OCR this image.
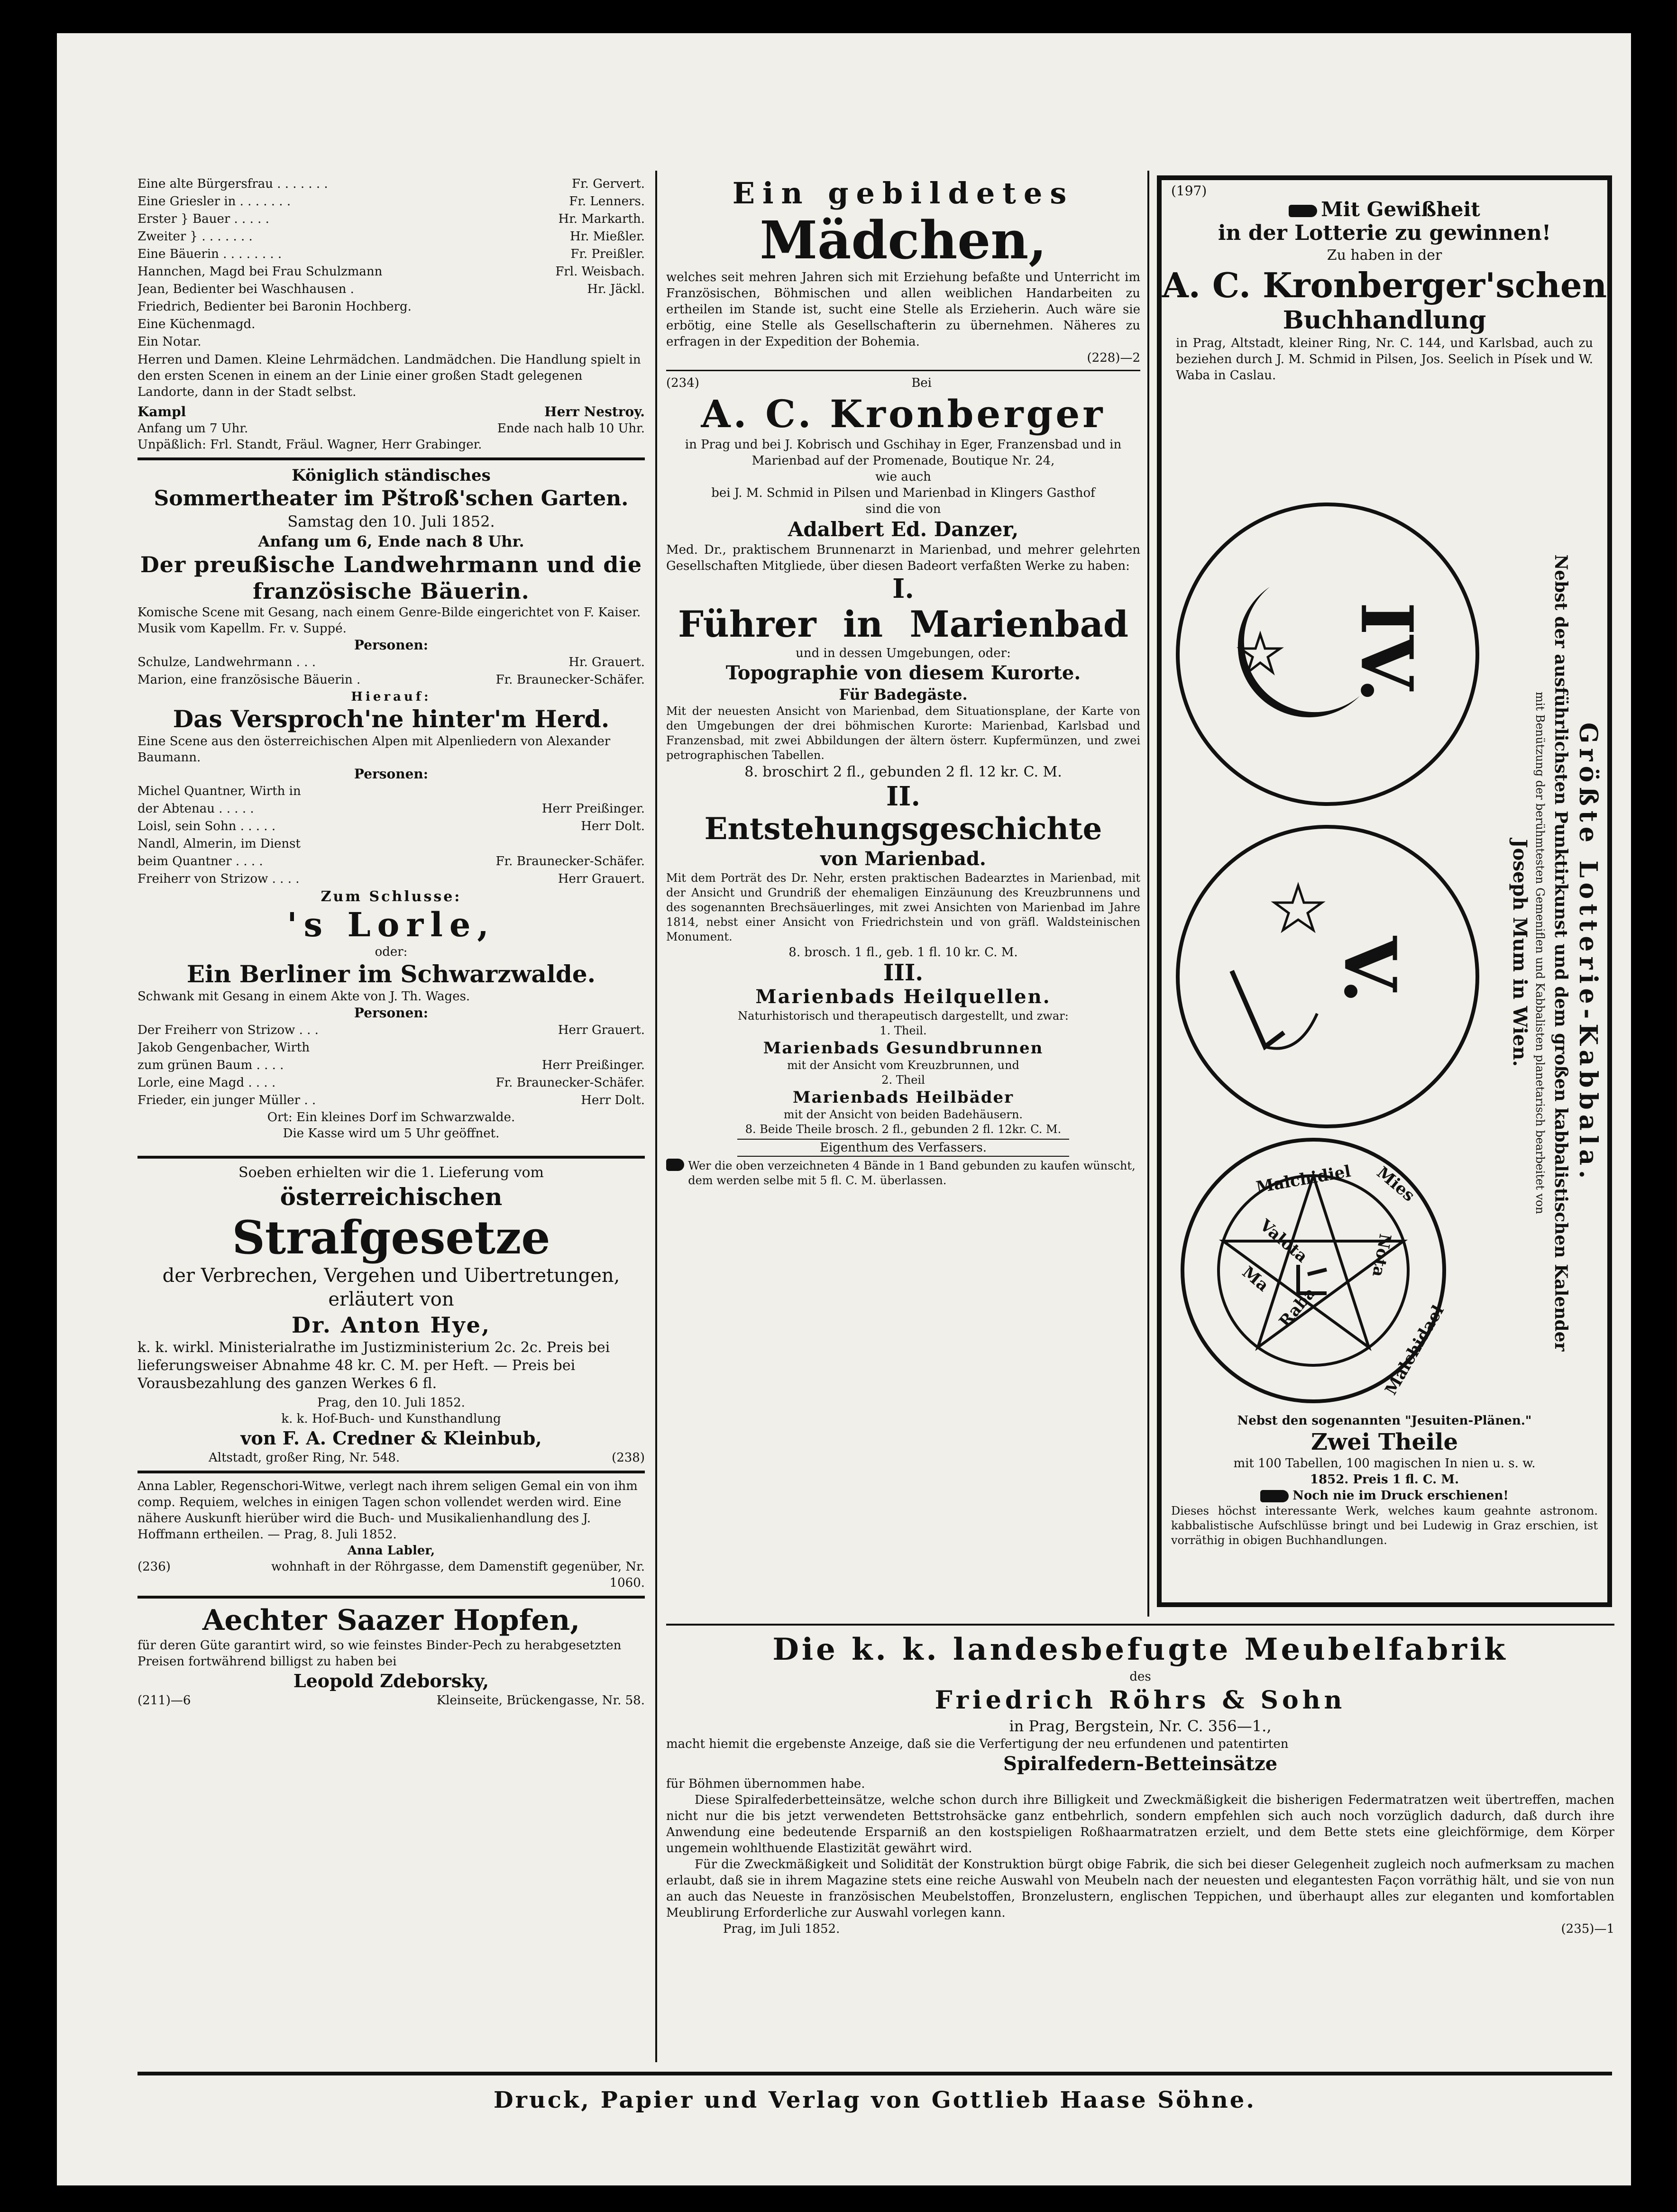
Eine alte Bürgersfrau . . . . . . .	Fr. Gervert.
Eine Griesler in . . . . . . .	Fr. Lenners.
Erster } Bauer . . . . .	Hr. Markarth.
Zweiter } . . . . . . .	Hr. Mießler.
Eine Bäuerin . . . . . . . .	Fr. Preißler.
Hannchen, Magd bei Frau Schulzmann	Frl. Weisbach.
Jean, Bedienter bei Waschhausen .	Hr. Jäckl.
Friedrich, Bedienter bei Baronin Hochberg.
Eine Küchenmagd.
Ein Notar.
Herren und Damen. Kleine Lehrmädchen. Landmädchen. Die Handlung spielt in den ersten Scenen in einem an der Linie einer großen Stadt gelegenen Landorte, dann in der Stadt selbst.
Kampl	Herr Nestroy.
Anfang um 7 Uhr.	Ende nach halb 10 Uhr.
Unpäßlich: Frl. Standt, Fräul. Wagner, Herr Grabinger.
Königlich ständisches
Sommertheater im Pštroß'schen Garten.
Samstag den 10. Juli 1852.
Anfang um 6, Ende nach 8 Uhr.
Der preußische Landwehrmann und die französische Bäuerin.
Komische Scene mit Gesang, nach einem Genre-Bilde eingerichtet von F. Kaiser. Musik vom Kapellm. Fr. v. Suppé.
Personen:
Schulze, Landwehrmann . . .	Hr. Grauert.
Marion, eine französische Bäuerin .	Fr. Braunecker-Schäfer.
Hierauf:
Das Versproch'ne hinter'm Herd.
Eine Scene aus den österreichischen Alpen mit Alpenliedern von Alexander Baumann.
Personen:
Michel Quantner, Wirth in
der Abtenau . . . . .	Herr Preißinger.
Loisl, sein Sohn . . . . .	Herr Dolt.
Nandl, Almerin, im Dienst
beim Quantner . . . .	Fr. Braunecker-Schäfer.
Freiherr von Strizow . . . .	Herr Grauert.
Zum Schlusse:
's Lorle,
oder:
Ein Berliner im Schwarzwalde.
Schwank mit Gesang in einem Akte von J. Th. Wages.
Personen:
Der Freiherr von Strizow . . .	Herr Grauert.
Jakob Gengenbacher, Wirth
zum grünen Baum . . . .	Herr Preißinger.
Lorle, eine Magd . . . .	Fr. Braunecker-Schäfer.
Frieder, ein junger Müller . .	Herr Dolt.
Ort: Ein kleines Dorf im Schwarzwalde.
Die Kasse wird um 5 Uhr geöffnet.
Soeben erhielten wir die 1. Lieferung vom
österreichischen
Strafgesetze
der Verbrechen, Vergehen und Uibertretungen, erläutert von
Dr. Anton Hye,
k. k. wirkl. Ministerialrathe im Justizministerium 2c. 2c. Preis bei lieferungsweiser Abnahme 48 kr. C. M. per Heft. — Preis bei Vorausbezahlung des ganzen Werkes 6 fl.
Prag, den 10. Juli 1852.
k. k. Hof-Buch- und Kunsthandlung
von F. A. Credner & Kleinbub,
Altstadt, großer Ring, Nr. 548.	(238)
Anna Labler, Regenschori-Witwe, verlegt nach ihrem seligen Gemal ein von ihm comp. Requiem, welches in einigen Tagen schon vollendet werden wird. Eine nähere Auskunft hierüber wird die Buch- und Musikalienhandlung des J. Hoffmann ertheilen. — Prag, 8. Juli 1852.
Anna Labler,
(236)	wohnhaft in der Röhrgasse, dem Damenstift gegenüber, Nr. 1060.
Aechter Saazer Hopfen,
für deren Güte garantirt wird, so wie feinstes Binder-Pech zu herabgesetzten Preisen fortwährend billigst zu haben bei
Leopold Zdeborsky,
(211)—6	Kleinseite, Brückengasse, Nr. 58.
Ein gebildetes
Mädchen,
welches seit mehren Jahren sich mit Erziehung befaßte und Unterricht im Französischen, Böhmischen und allen weiblichen Handarbeiten zu ertheilen im Stande ist, sucht eine Stelle als Erzieherin. Auch wäre sie erbötig, eine Stelle als Gesellschafterin zu übernehmen. Näheres zu erfragen in der Expedition der Bohemia.
(228)—2
(234)	Bei
A. C. Kronberger
in Prag und bei J. Kobrisch und Gschihay in Eger, Franzensbad und in Marienbad auf der Promenade, Boutique Nr. 24,
wie auch
bei J. M. Schmid in Pilsen und Marienbad in Klingers Gasthof
sind die von
Adalbert Ed. Danzer,
Med. Dr., praktischem Brunnenarzt in Marienbad, und mehrer gelehrten Gesellschaften Mitgliede, über diesen Badeort verfaßten Werke zu haben:
I.
Führer in Marienbad
und in dessen Umgebungen, oder:
Topographie von diesem Kurorte.
Für Badegäste.
Mit der neuesten Ansicht von Marienbad, dem Situationsplane, der Karte von den Umgebungen der drei böhmischen Kurorte: Marienbad, Karlsbad und Franzensbad, mit zwei Abbildungen der ältern österr. Kupfermünzen, und zwei petrographischen Tabellen.
8. broschirt 2 fl., gebunden 2 fl. 12 kr. C. M.
II.
Entstehungsgeschichte
von Marienbad.
Mit dem Porträt des Dr. Nehr, ersten praktischen Badearztes in Marienbad, mit der Ansicht und Grundriß der ehemaligen Einzäunung des Kreuzbrunnens und des sogenannten Brechsäuerlinges, mit zwei Ansichten von Marienbad im Jahre 1814, nebst einer Ansicht von Friedrichstein und von gräfl. Waldsteinischen Monument.
8. brosch. 1 fl., geb. 1 fl. 10 kr. C. M.
III.
Marienbads Heilquellen.
Naturhistorisch und therapeutisch dargestellt, und zwar:
1. Theil.
Marienbads Gesundbrunnen
mit der Ansicht vom Kreuzbrunnen, und
2. Theil
Marienbads Heilbäder
mit der Ansicht von beiden Badehäusern.
8. Beide Theile brosch. 2 fl., gebunden 2 fl. 12kr. C. M.
Eigenthum des Verfassers.
Wer die oben verzeichneten 4 Bände in 1 Band gebunden zu kaufen wünscht, dem werden selbe mit 5 fl. C. M. überlassen.
(197)
Mit Gewißheit
in der Lotterie zu gewinnen!
Zu haben in der
A. C. Kronberger'schen
Buchhandlung
in Prag, Altstadt, kleiner Ring, Nr. C. 144, und Karlsbad, auch zu beziehen durch J. M. Schmid in Pilsen, Jos. Seelich in Písek und W. Waba in Caslau.
IV.
V.
Malchidiel Mies
Nota
Malchidael
Valota
Ma
Raba
Größte Lotterie-Kabbala.
Nebst der ausführlichsten Punktirkunst und dem großen kabbalistischen Kalender
mit Benützung der berühmtesten Gemeniflen und Kabbalisten planetarisch bearbeitet von
Joseph Mum in Wien.
Nebst den sogenannten "Jesuiten-Plänen."
Zwei Theile
mit 100 Tabellen, 100 magischen In nien u. s. w.
1852. Preis 1 fl. C. M.
Noch nie im Druck erschienen!
Dieses höchst interessante Werk, welches kaum geahnte astronom. kabbalistische Aufschlüsse bringt und bei Ludewig in Graz erschien, ist vorräthig in obigen Buchhandlungen.
Die k. k. landesbefugte Meubelfabrik
des
Friedrich Röhrs & Sohn
in Prag, Bergstein, Nr. C. 356—1.,
macht hiemit die ergebenste Anzeige, daß sie die Verfertigung der neu erfundenen und patentirten
Spiralfedern-Betteinsätze
für Böhmen übernommen habe.
Diese Spiralfederbetteinsätze, welche schon durch ihre Billigkeit und Zweckmäßigkeit die bisherigen Federmatratzen weit übertreffen, machen nicht nur die bis jetzt verwendeten Bettstrohsäcke ganz entbehrlich, sondern empfehlen sich auch noch vorzüglich dadurch, daß durch ihre Anwendung eine bedeutende Ersparniß an den kostspieligen Roßhaarmatratzen erzielt, und dem Bette stets eine gleichförmige, dem Körper ungemein wohlthuende Elastizität gewährt wird.
Für die Zweckmäßigkeit und Solidität der Konstruktion bürgt obige Fabrik, die sich bei dieser Gelegenheit zugleich noch aufmerksam zu machen erlaubt, daß sie in ihrem Magazine stets eine reiche Auswahl von Meubeln nach der neuesten und elegantesten Façon vorräthig hält, und sie von nun an auch das Neueste in französischen Meubelstoffen, Bronzelustern, englischen Teppichen, und überhaupt alles zur eleganten und komfortablen Meublirung Erforderliche zur Auswahl vorlegen kann.
Prag, im Juli 1852.	(235)—1
Druck, Papier und Verlag von Gottlieb Haase Söhne.
